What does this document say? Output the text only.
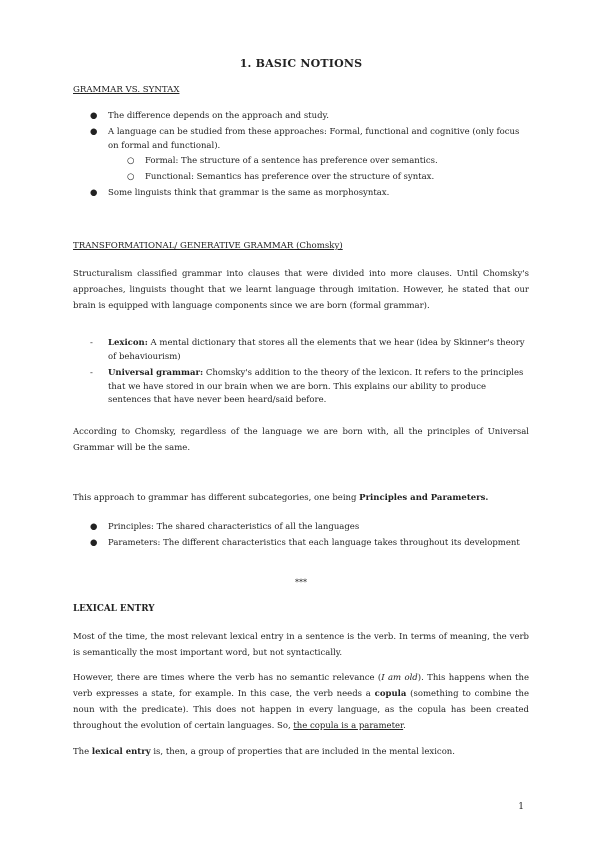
1. BASIC NOTIONS
GRAMMAR VS. SYNTAX
● The difference depends on the approach and study.
● A language can be studied from these approaches: Formal, functional and cognitive (only focus on formal and functional).
○ Formal: The structure of a sentence has preference over semantics.
○ Functional: Semantics has preference over the structure of syntax.
● Some linguists think that grammar is the same as morphosyntax.
TRANSFORMATIONAL/ GENERATIVE GRAMMAR (Chomsky)
Structuralism classified grammar into clauses that were divided into more clauses. Until Chomsky's approaches, linguists thought that we learnt language through imitation. However, he stated that our brain is equipped with language components since we are born (formal grammar).
- Lexicon: A mental dictionary that stores all the elements that we hear (idea by Skinner's theory of behaviourism)
- Universal grammar: Chomsky's addition to the theory of the lexicon. It refers to the principles that we have stored in our brain when we are born. This explains our ability to produce sentences that have never been heard/said before.
According to Chomsky, regardless of the language we are born with, all the principles of Universal Grammar will be the same.
This approach to grammar has different subcategories, one being Principles and Parameters.
● Principles: The shared characteristics of all the languages
● Parameters: The different characteristics that each language takes throughout its development
***
LEXICAL ENTRY
Most of the time, the most relevant lexical entry in a sentence is the verb. In terms of meaning, the verb is semantically the most important word, but not syntactically.
However, there are times where the verb has no semantic relevance (I am old). This happens when the verb expresses a state, for example. In this case, the verb needs a copula (something to combine the noun with the predicate). This does not happen in every language, as the copula has been created throughout the evolution of certain languages. So, the copula is a parameter.
The lexical entry is, then, a group of properties that are included in the mental lexicon.
1
